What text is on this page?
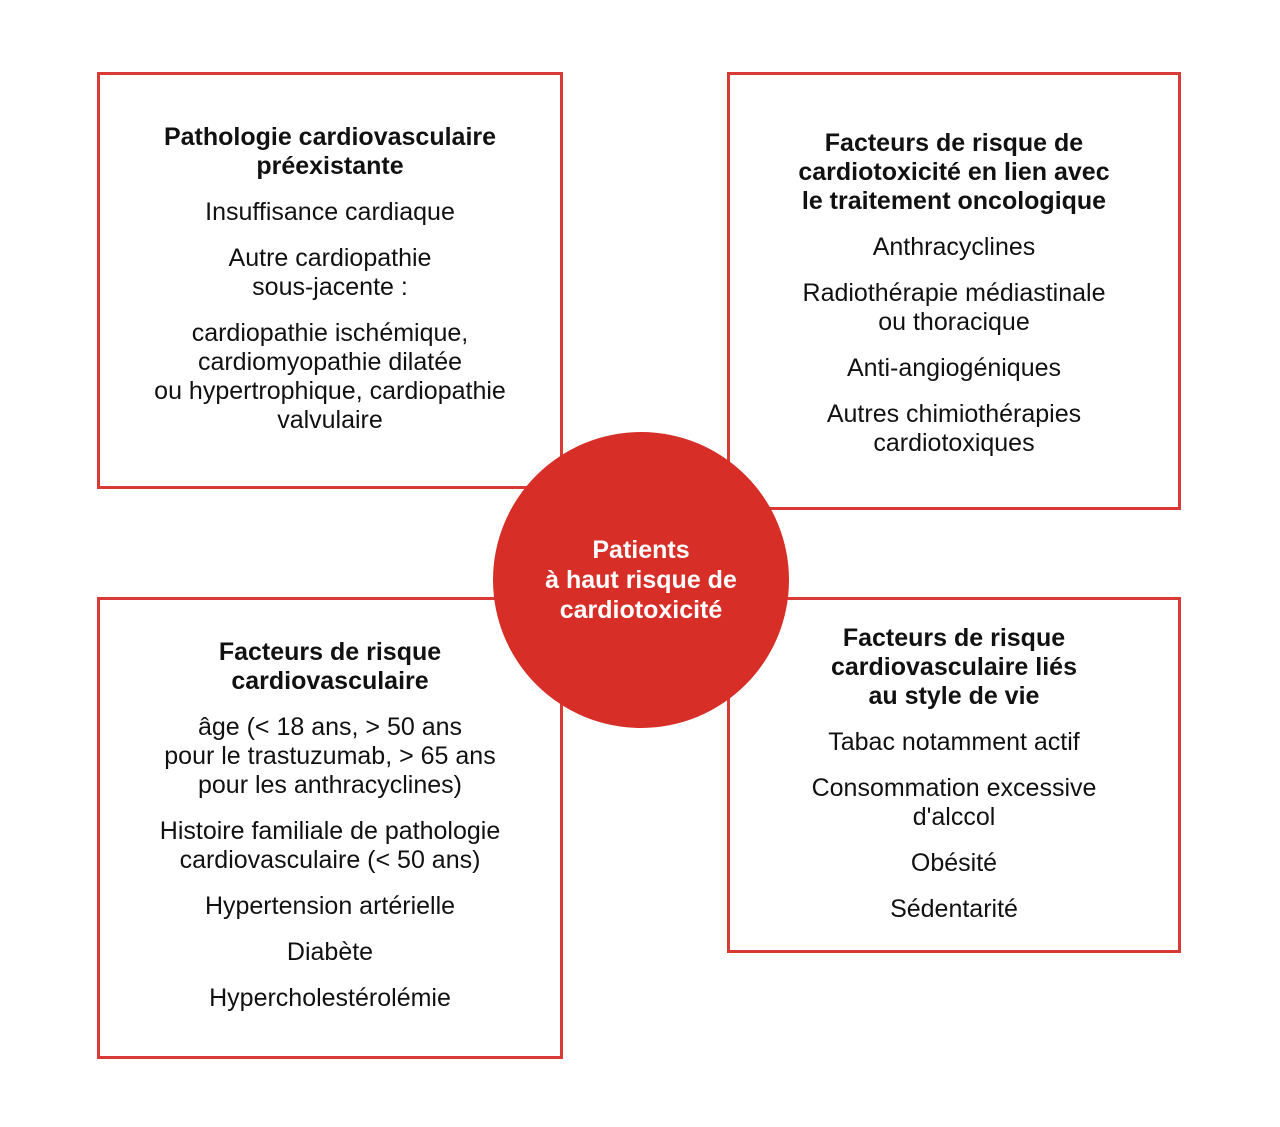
Pathologie cardiovasculaire
préexistante
Insuffisance cardiaque
Autre cardiopathie
sous-jacente :
cardiopathie ischémique,
cardiomyopathie dilatée
ou hypertrophique, cardiopathie
valvulaire
Facteurs de risque de
cardiotoxicité en lien avec
le traitement oncologique
Anthracyclines
Radiothérapie médiastinale
ou thoracique
Anti-angiogéniques
Autres chimiothérapies
cardiotoxiques
Facteurs de risque
cardiovasculaire
âge (< 18 ans, > 50 ans
pour le trastuzumab, > 65 ans
pour les anthracyclines)
Histoire familiale de pathologie
cardiovasculaire (< 50 ans)
Hypertension artérielle
Diabète
Hypercholestérolémie
Facteurs de risque
cardiovasculaire liés
au style de vie
Tabac notamment actif
Consommation excessive
d'alccol
Obésité
Sédentarité
Patients
à haut risque de
cardiotoxicité
